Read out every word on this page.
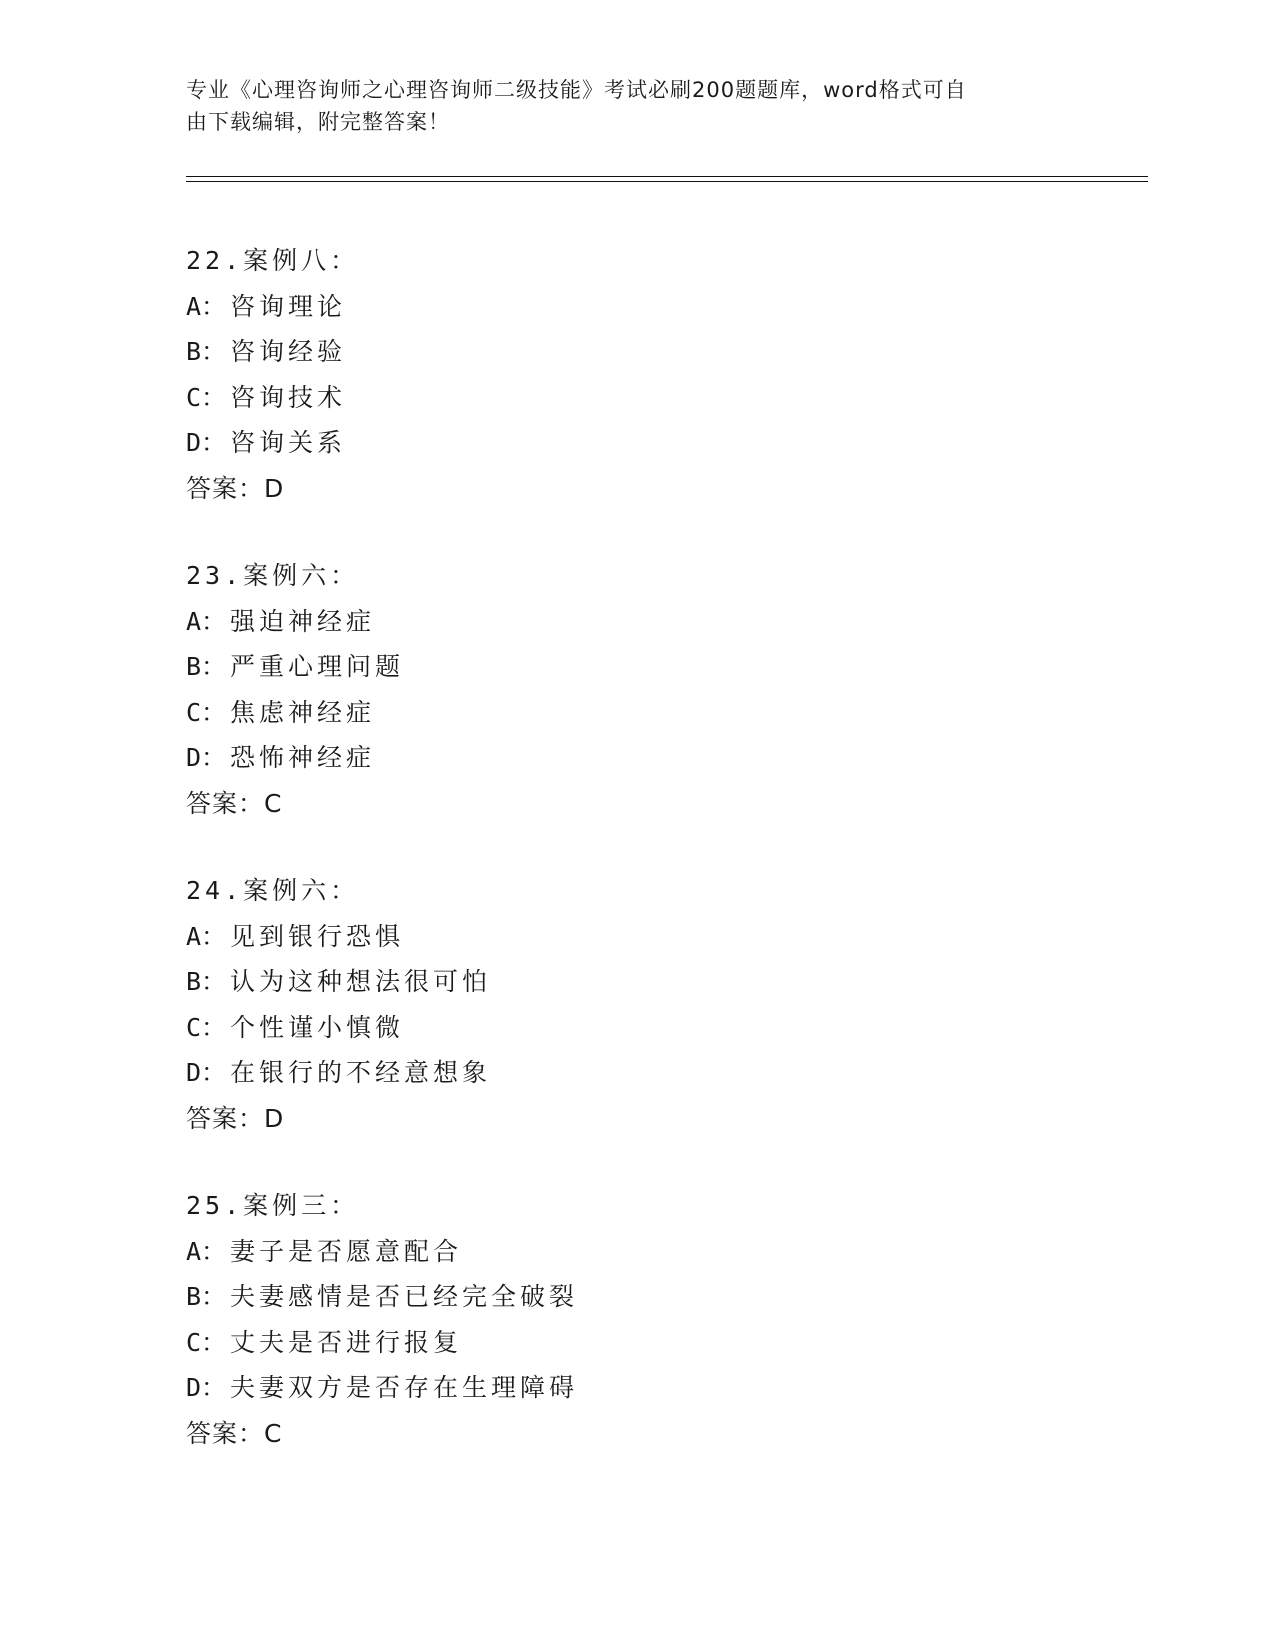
专业《心理咨询师之心理咨询师二级技能》考试必刷200题题库，word格式可自
由下载编辑，附完整答案！
22.案例八：
A： 咨询理论
B： 咨询经验
C： 咨询技术
D： 咨询关系
答案：D
23.案例六：
A： 强迫神经症
B： 严重心理问题
C： 焦虑神经症
D： 恐怖神经症
答案：C
24.案例六：
A： 见到银行恐惧
B： 认为这种想法很可怕
C： 个性谨小慎微
D： 在银行的不经意想象
答案：D
25.案例三：
A： 妻子是否愿意配合
B： 夫妻感情是否已经完全破裂
C： 丈夫是否进行报复
D： 夫妻双方是否存在生理障碍
答案：C
